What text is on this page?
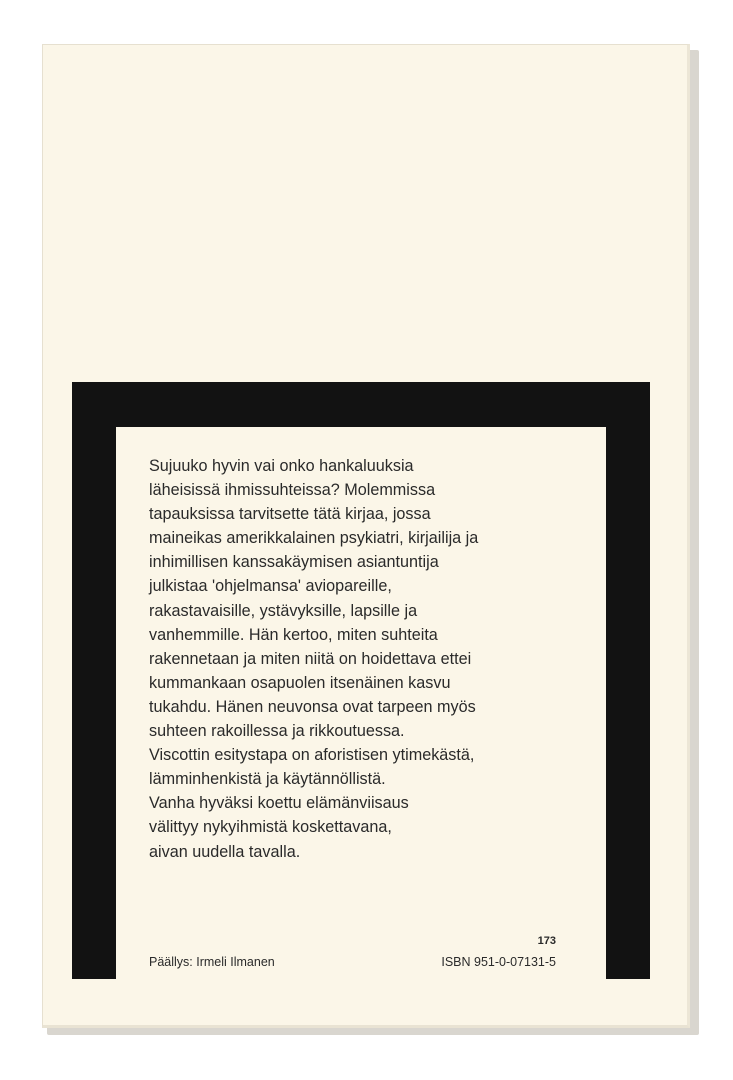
Sujuuko hyvin vai onko hankaluuksia
läheisissä ihmissuhteissa? Molemmissa
tapauksissa tarvitsette tätä kirjaa, jossa
maineikas amerikkalainen psykiatri, kirjailija ja
inhimillisen kanssakäymisen asiantuntija
julkistaa 'ohjelmansa' aviopareille,
rakastavaisille, ystävyksille, lapsille ja
vanhemmille. Hän kertoo, miten suhteita
rakennetaan ja miten niitä on hoidettava ettei
kummankaan osapuolen itsenäinen kasvu
tukahdu. Hänen neuvonsa ovat tarpeen myös
suhteen rakoillessa ja rikkoutuessa.
Viscottin esitystapa on aforistisen ytimekästä,
lämminhenkistä ja käytännöllistä.
Vanha hyväksi koettu elämänviisaus
välittyy nykyihmistä koskettavana,
aivan uudella tavalla.

173
Päällys: Irmeli Ilmanen	ISBN 951-0-07131-5
